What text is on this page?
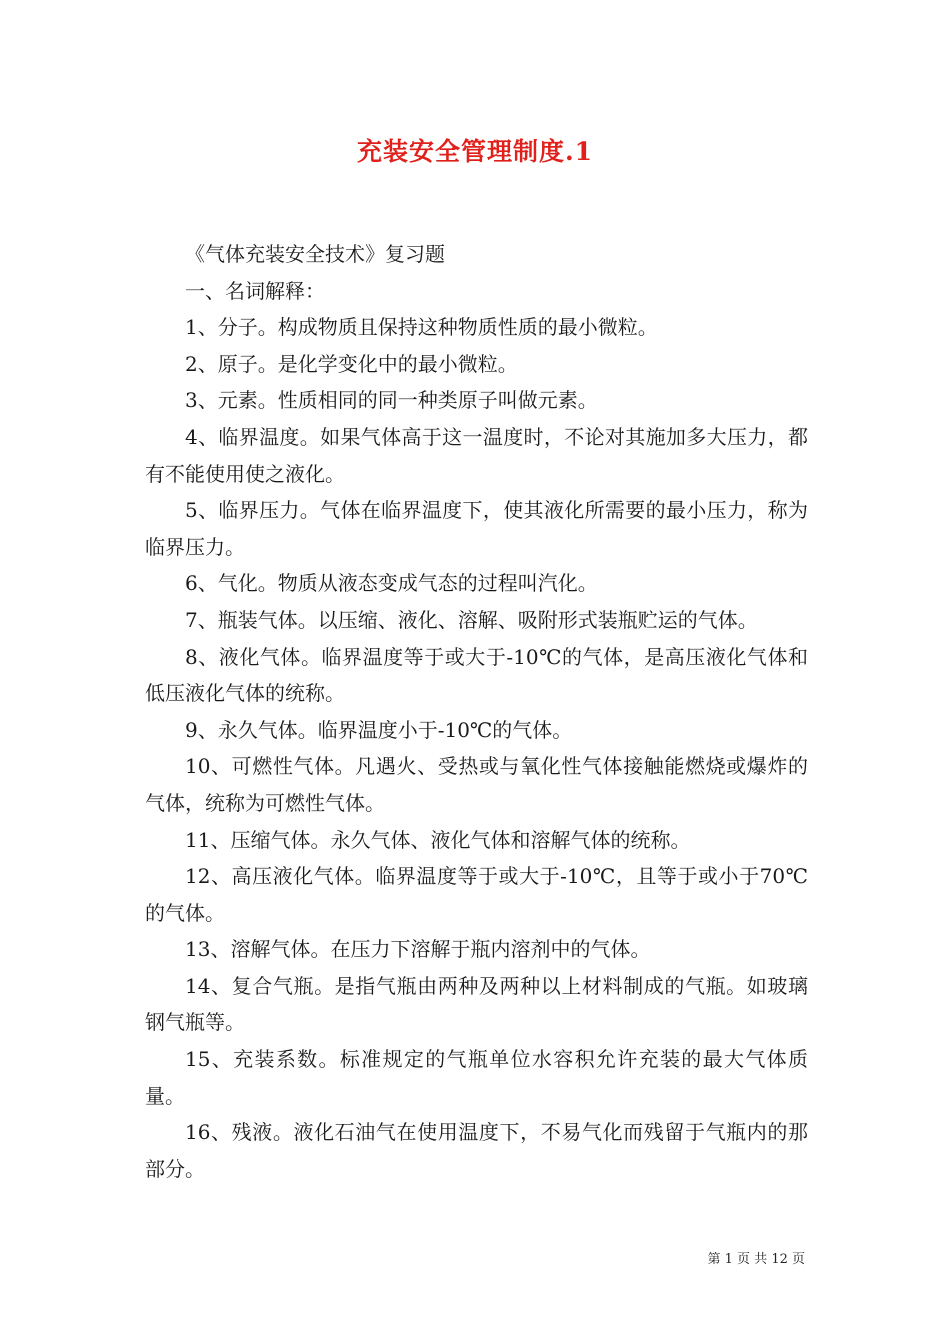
充装安全管理制度.1

《气体充装安全技术》复习题

一、名词解释：

1、分子。构成物质且保持这种物质性质的最小微粒。

2、原子。是化学变化中的最小微粒。

3、元素。性质相同的同一种类原子叫做元素。

4、临界温度。如果气体高于这一温度时，不论对其施加多大压力，都有不能使用使之液化。

5、临界压力。气体在临界温度下，使其液化所需要的最小压力，称为临界压力。

6、气化。物质从液态变成气态的过程叫汽化。

7、瓶装气体。以压缩、液化、溶解、吸附形式装瓶贮运的气体。

8、液化气体。临界温度等于或大于-10℃的气体，是高压液化气体和低压液化气体的统称。

9、永久气体。临界温度小于-10℃的气体。

10、可燃性气体。凡遇火、受热或与氧化性气体接触能燃烧或爆炸的气体，统称为可燃性气体。

11、压缩气体。永久气体、液化气体和溶解气体的统称。

12、高压液化气体。临界温度等于或大于-10℃，且等于或小于70℃的气体。

13、溶解气体。在压力下溶解于瓶内溶剂中的气体。

14、复合气瓶。是指气瓶由两种及两种以上材料制成的气瓶。如玻璃钢气瓶等。

15、充装系数。标准规定的气瓶单位水容积允许充装的最大气体质量。

16、残液。液化石油气在使用温度下，不易气化而残留于气瓶内的那部分。

第 1 页 共 12 页
